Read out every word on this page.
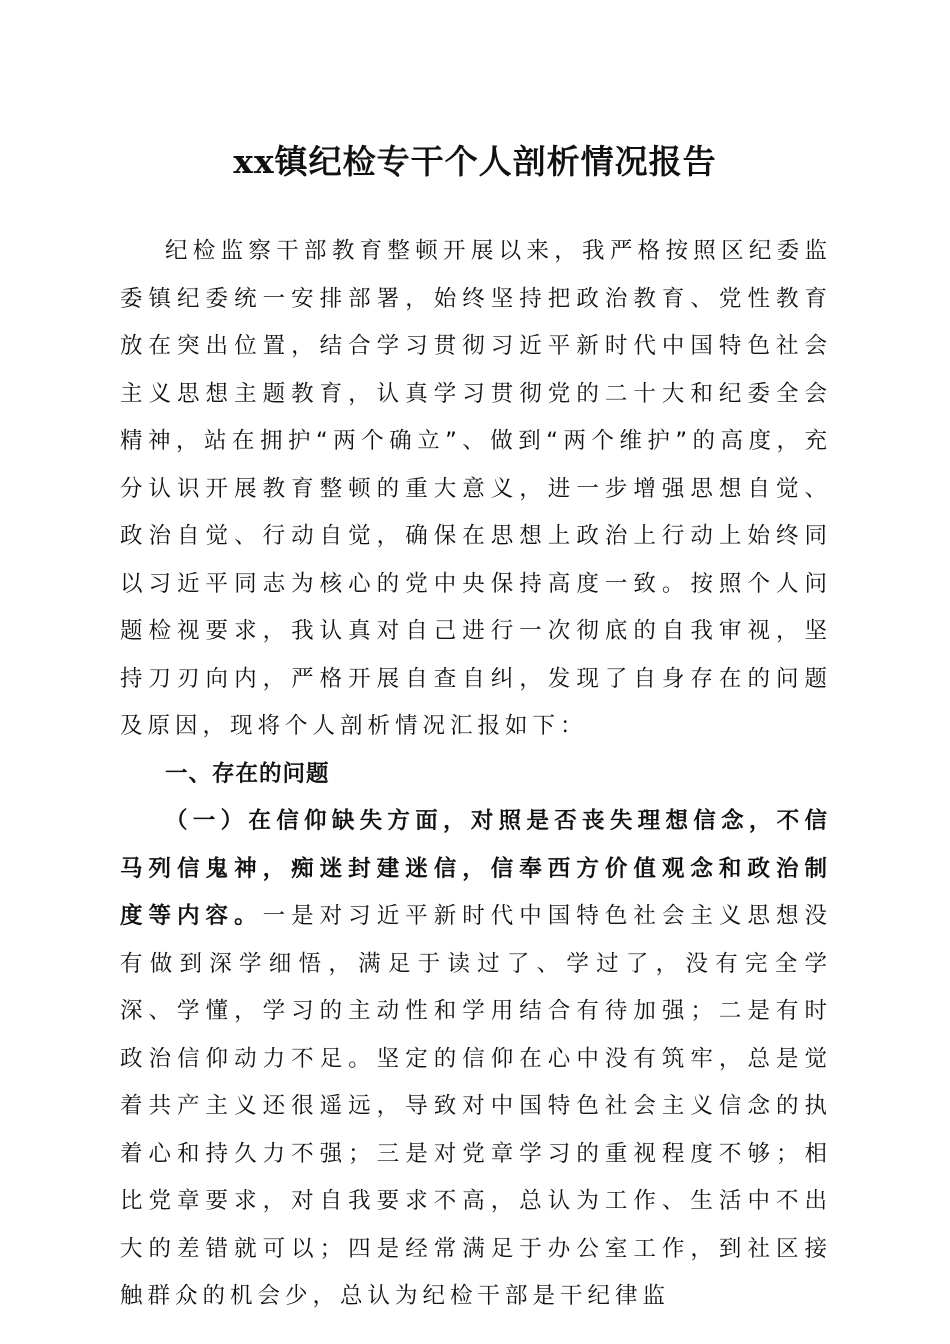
xx镇纪检专干个人剖析情况报告

纪检监察干部教育整顿开展以来，我严格按照区纪委监委镇纪委统一安排部署，始终坚持把政治教育、党性教育放在突出位置，结合学习贯彻习近平新时代中国特色社会主义思想主题教育，认真学习贯彻党的二十大和纪委全会精神，站在拥护“两个确立”、做到“两个维护”的高度，充分认识开展教育整顿的重大意义，进一步增强思想自觉、政治自觉、行动自觉，确保在思想上政治上行动上始终同以习近平同志为核心的党中央保持高度一致。按照个人问题检视要求，我认真对自己进行一次彻底的自我审视，坚持刀刃向内，严格开展自查自纠，发现了自身存在的问题及原因，现将个人剖析情况汇报如下：

一、存在的问题

（一）在信仰缺失方面，对照是否丧失理想信念，不信马列信鬼神，痴迷封建迷信，信奉西方价值观念和政治制度等内容。一是对习近平新时代中国特色社会主义思想没有做到深学细悟，满足于读过了、学过了，没有完全学深、学懂，学习的主动性和学用结合有待加强；二是有时政治信仰动力不足。坚定的信仰在心中没有筑牢，总是觉着共产主义还很遥远，导致对中国特色社会主义信念的执着心和持久力不强；三是对党章学习的重视程度不够；相比党章要求，对自我要求不高，总认为工作、生活中不出大的差错就可以；四是经常满足于办公室工作，到社区接触群众的机会少，总认为纪检干部是干纪律监
